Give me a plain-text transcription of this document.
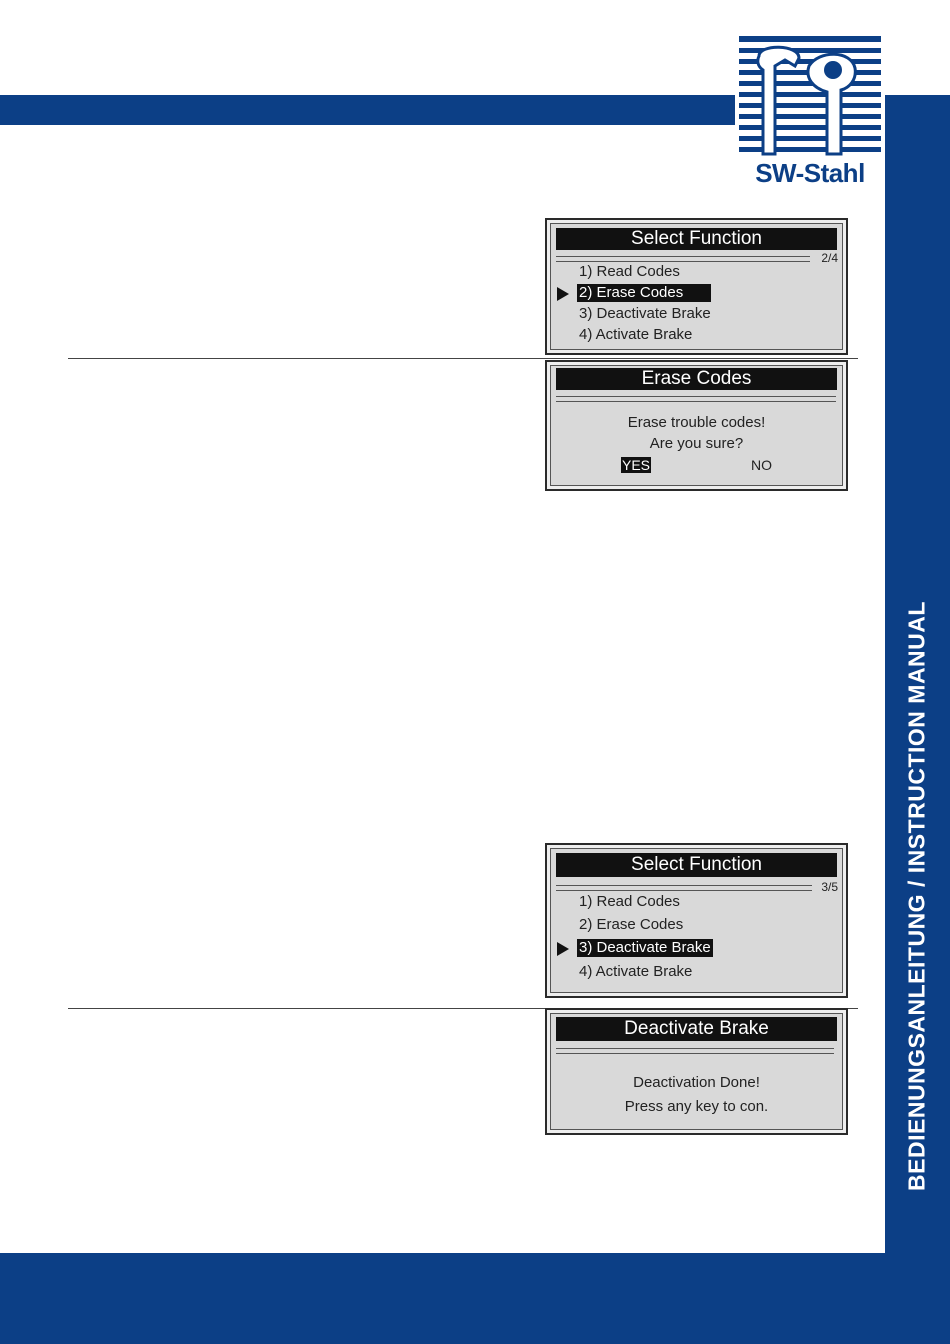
SW-Stahl
BEDIENUNGSANLEITUNG / INSTRUCTION MANUAL
Select Function
2/4
1) Read Codes
2) Erase Codes
3) Deactivate Brake
4) Activate Brake
Erase Codes
Erase trouble codes!
Are you sure?
YES	NO
Select Function
3/5
1) Read Codes
2) Erase Codes
3) Deactivate Brake
4) Activate Brake
Deactivate Brake
Deactivation Done!
Press any key to con.
